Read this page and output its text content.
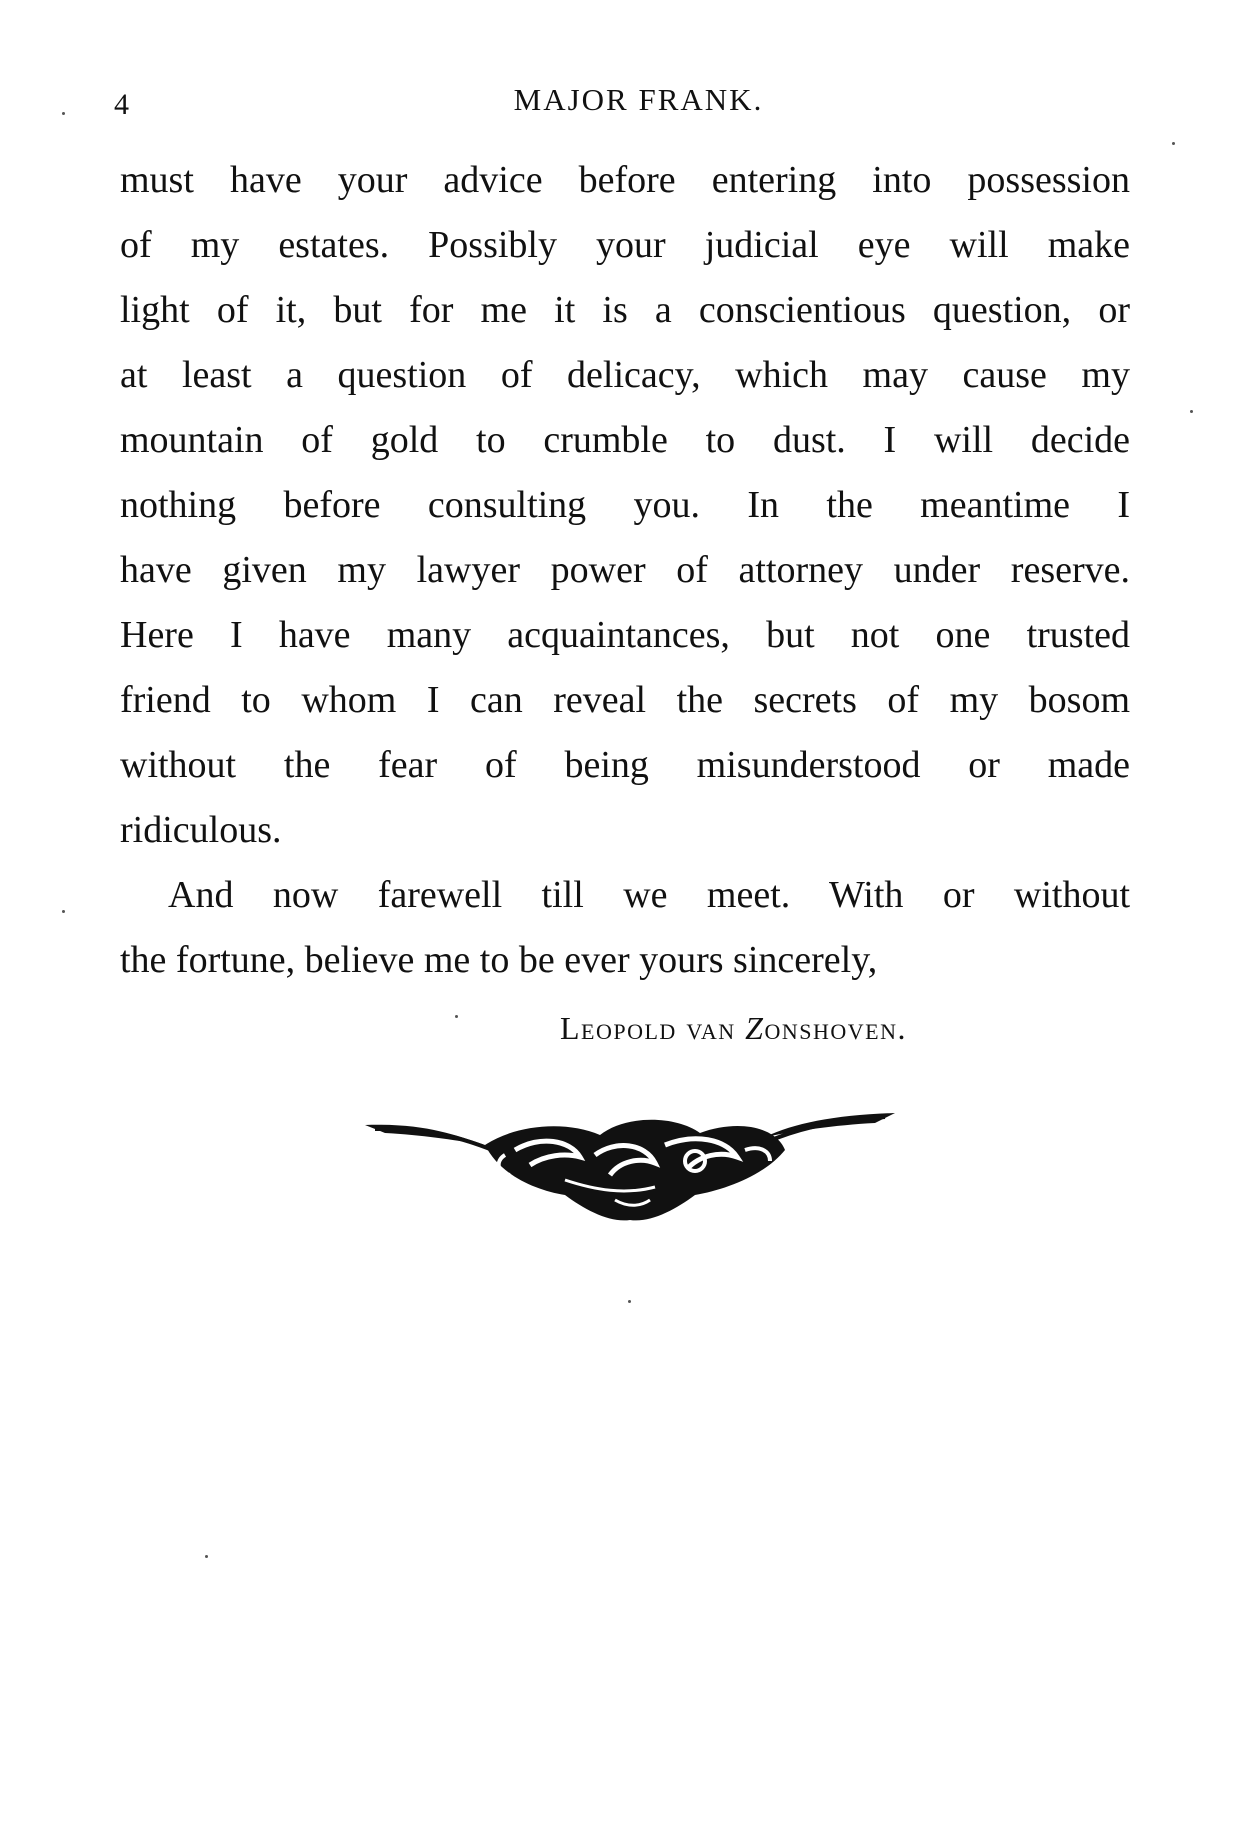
4	MAJOR FRANK.

must have your advice before entering into possession
of my estates. Possibly your judicial eye will make
light of it, but for me it is a conscientious question, or
at least a question of delicacy, which may cause my
mountain of gold to crumble to dust. I will decide
nothing before consulting you. In the meantime I
have given my lawyer power of attorney under reserve.
Here I have many acquaintances, but not one trusted
friend to whom I can reveal the secrets of my bosom
without the fear of being misunderstood or made
ridiculous.

And now farewell till we meet. With or without
the fortune, believe me to be ever yours sincerely,

Leopold van Zonshoven.
